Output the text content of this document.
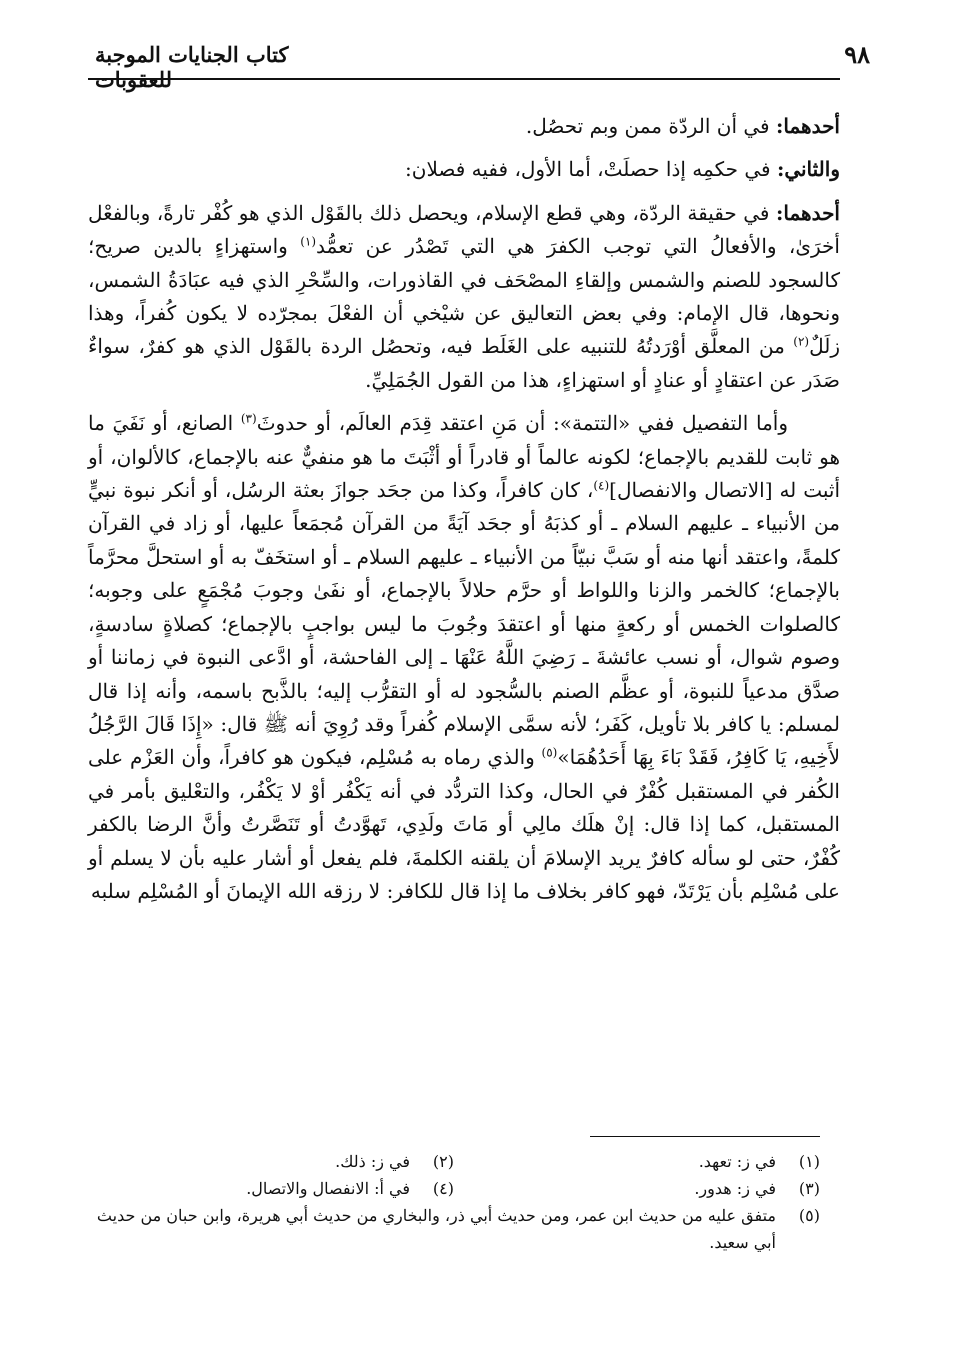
كتاب الجنايات الموجبة للعقوبات
٩٨

أحدهما: في أن الردّة ممن وبم تحصُل.

والثاني: في حكمِه إذا حصلَتْ، أما الأول، ففيه فصلان:

أحدهما: في حقيقة الردّة، وهي قطع الإسلام، ويحصل ذلك بالقَوْل الذي هو كُفْر تارةً، وبالفعْل أخرَىٰ، والأفعالُ التي توجب الكفرَ هي التي تَصْدُر عن تعمُّد$^{(١)}$ واستهزاءٍ بالدين صريح؛ كالسجود للصنم والشمس وإلقاءِ المصْحَف في القاذورات، والسِّحْرِ الذي فيه عبَادَةُ الشمس، ونحوها، قال الإمام: وفي بعض التعاليق عن شيْخي أن الفعْلَ بمجرّده لا يكون كُفراً، وهذا زلَلٌ$^{(٢)}$ من المعلَّق أوْرَدتُهُ للتنبيه على الغَلَط فيه، وتحصُل الردة بالقَوْل الذي هو كفرٌ، سواءٌ صَدَر عن اعتقادٍ أو عنادٍ أو استهزاءٍ، هذا من القول الجُمَلِيِّ.

وأما التفصيل ففي «التتمة»: أن مَنِ اعتقد قِدَم العالَم، أو حدوثَ$^{(٣)}$ الصانع، أو نَفَيَ ما هو ثابت للقديم بالإجماع؛ لكونه عالماً أو قادراً أو أثْبَتَ ما هو منفيٌّ عنه بالإجماع، كالألوان، أو أثبت له [الاتصال والانفصال]$^{(٤)}$، كان كافراً، وكذا من جحَد جوازَ بعثة الرسُل، أو أنكر نبوة نبيٍّ من الأنبياء ـ عليهم السلام ـ أو كذبَهُ أو جحَد آيَةً من القرآن مُجمَعاً عليها، أو زاد في القرآن كلمةً، واعتقد أنها منه أو سَبَّ نبيّاً من الأنبياء ـ عليهم السلام ـ أو استخَفّ به أو استحلَّ محرَّماً بالإجماع؛ كالخمر والزنا واللواط أو حرَّم حلالاً بالإجماع، أو نفَىٰ وجوبَ مُجْمَعٍ على وجوبه؛ كالصلوات الخمس أو ركعةٍ منها أو اعتقدَ وجُوبَ ما ليس بواجبٍ بالإجماع؛ كصلاةٍ سادسةٍ، وصوم شوال، أو نسب عائشةَ ـ رَضِيَ اللَّهُ عَنْهَا ـ إلى الفاحشة، أو ادَّعى النبوة في زماننا أو صدَّق مدعياً للنبوة، أو عظَّم الصنم بالسُّجود له أو التقرُّب إليه؛ بالذَّبح باسمه، وأنه إذا قال لمسلم: يا كافر بلا تأويل، كَفَر؛ لأنه سمَّى الإسلام كُفراً وقد رُوِيَ أنه ﷺ قال: «إِذَا قَالَ الرَّجُلُ لأَخِيهِ، يَا كَافِرُ، فَقَدْ بَاءَ بِهَا أَحَدُهُمَا»$^{(٥)}$ والذي رماه به مُسْلِم، فيكون هو كافراً، وأن العَزْم على الكُفر في المستقبل كُفْرٌ في الحال، وكذا التردُّد في أنه يَكْفُر أوْ لا يَكْفُر، والتعْليق بأمر في المستقبل، كما إذا قال: إنْ هلَك مالِي أو مَاتَ ولَدِي، تَهوَّدتُ أو تَنَصَّرتُ وأنَّ الرضا بالكفر كُفْرٌ، حتى لو سأله كافرٌ يريد الإسلامَ أن يلقنه الكلمةَ، فلم يفعل أو أشار عليه بأن لا يسلم أو على مُسْلِم بأن يَرْتَدّ، فهو كافر بخلاف ما إذا قال للكافر: لا رزقه الله الإيمانَ أو المُسْلِم سلبه

(١)
في ز: تعهد.
(٢)
في ز: ذلك.
(٣)
في ز: هدور.
(٤)
في أ: الانفصال والاتصال.
(٥)
متفق عليه من حديث ابن عمر، ومن حديث أبي ذر، والبخاري من حديث أبي هريرة، وابن حبان من حديث أبي سعيد.
